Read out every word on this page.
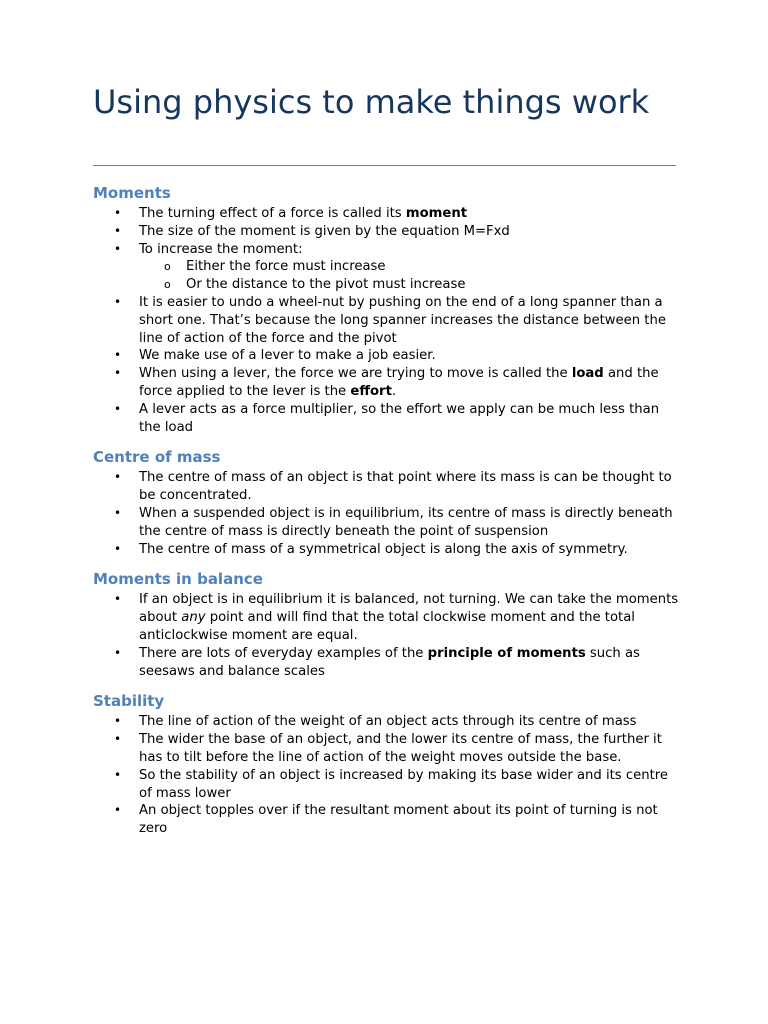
Using physics to make things work
Moments
• The turning effect of a force is called its moment
• The size of the moment is given by the equation M=Fxd
• To increase the moment:
o Either the force must increase
o Or the distance to the pivot must increase
• It is easier to undo a wheel-nut by pushing on the end of a long spanner than a short one. That’s because the long spanner increases the distance between the line of action of the force and the pivot
• We make use of a lever to make a job easier.
• When using a lever, the force we are trying to move is called the load and the force applied to the lever is the effort.
• A lever acts as a force multiplier, so the effort we apply can be much less than the load
Centre of mass
• The centre of mass of an object is that point where its mass is can be thought to be concentrated.
• When a suspended object is in equilibrium, its centre of mass is directly beneath the centre of mass is directly beneath the point of suspension
• The centre of mass of a symmetrical object is along the axis of symmetry.
Moments in balance
• If an object is in equilibrium it is balanced, not turning. We can take the moments about any point and will find that the total clockwise moment and the total anticlockwise moment are equal.
• There are lots of everyday examples of the principle of moments such as seesaws and balance scales
Stability
• The line of action of the weight of an object acts through its centre of mass
• The wider the base of an object, and the lower its centre of mass, the further it has to tilt before the line of action of the weight moves outside the base.
• So the stability of an object is increased by making its base wider and its centre of mass lower
• An object topples over if the resultant moment about its point of turning is not zero
